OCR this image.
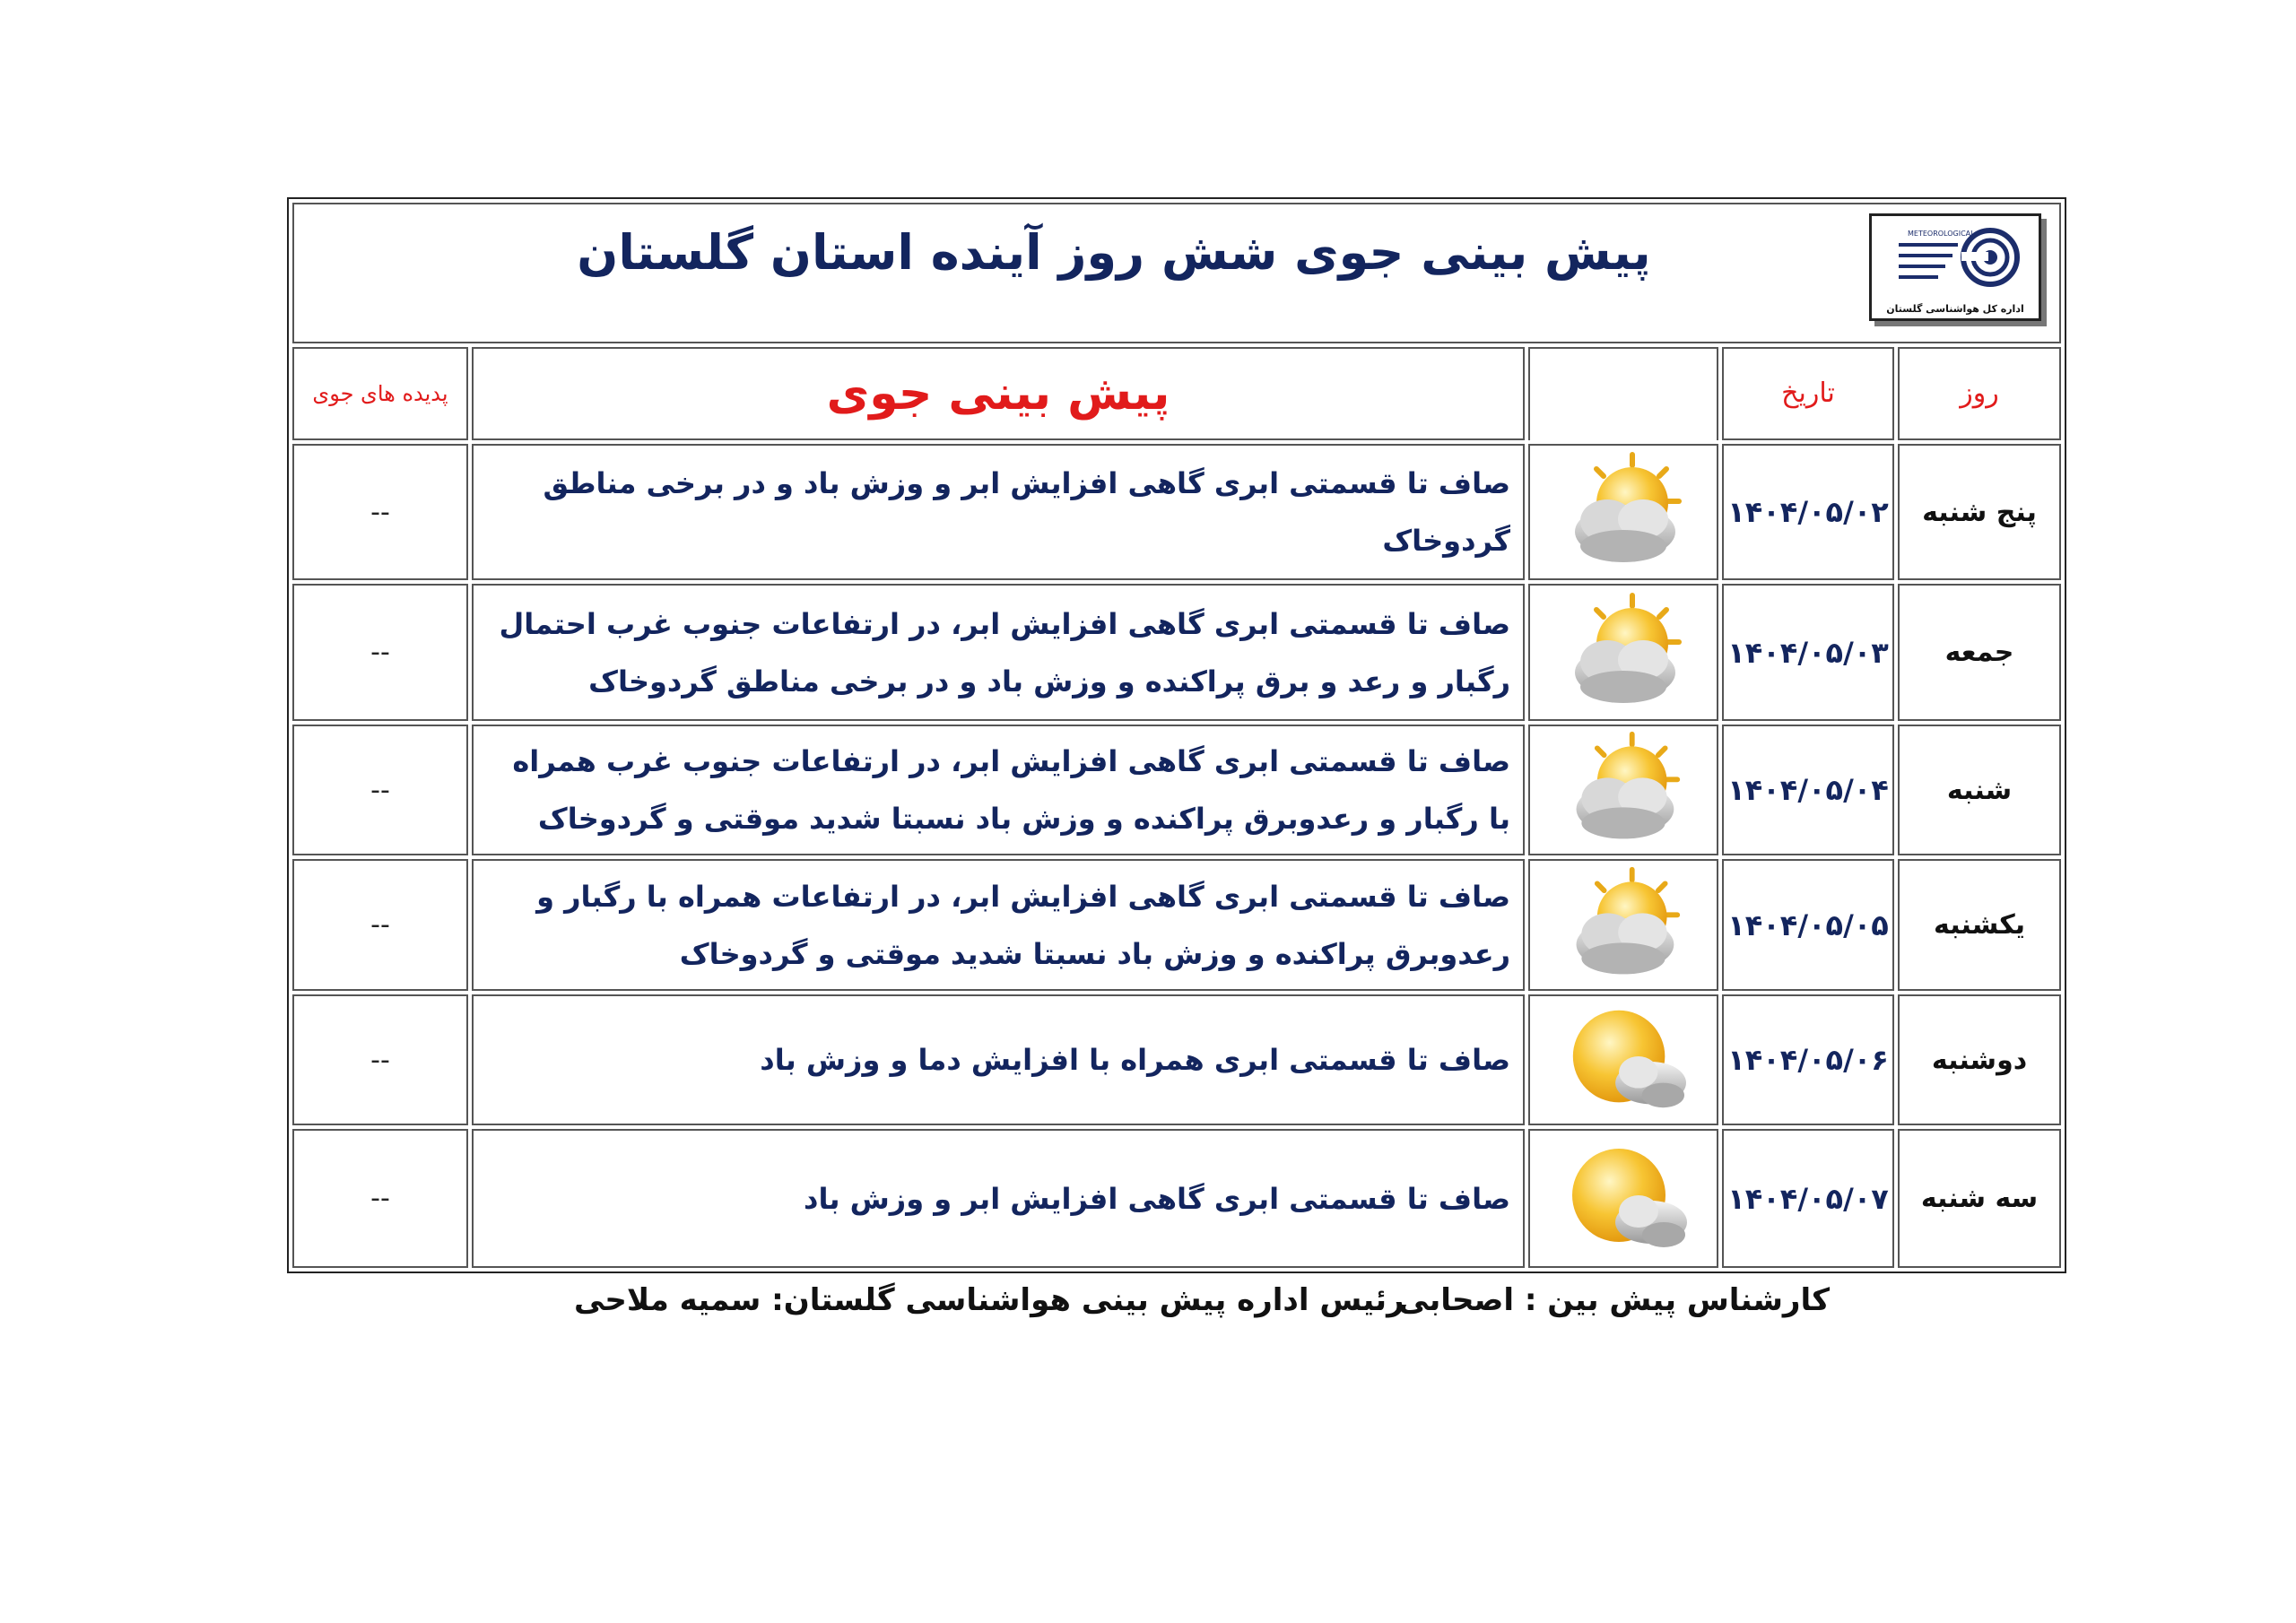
پیش بینی جوی شش روز آینده استان گلستان METEOROLOGICAL
اداره کل هواشناسی گلستان				

پدیده های جوی	پیش بینی جوی		تاریخ	روز

--	صاف تا قسمتی ابری گاهی افزایش ابر و وزش باد و در برخی مناطق گردوخاک		۱۴۰۴/۰۵/۰۲	پنج شنبه
--	صاف تا قسمتی ابری گاهی افزایش ابر، در ارتفاعات جنوب غرب احتمال رگبار و رعد و برق پراکنده و وزش باد و در برخی مناطق گردوخاک		۱۴۰۴/۰۵/۰۳	جمعه
--	صاف تا قسمتی ابری گاهی افزایش ابر، در ارتفاعات جنوب غرب همراه با رگبار و رعدوبرق پراکنده و وزش باد نسبتا شدید موقتی و گردوخاک		۱۴۰۴/۰۵/۰۴	شنبه
--	صاف تا قسمتی ابری گاهی افزایش ابر، در ارتفاعات همراه با رگبار و رعدوبرق پراکنده و وزش باد نسبتا شدید موقتی و گردوخاک		۱۴۰۴/۰۵/۰۵	یکشنبه
--	صاف تا قسمتی ابری همراه با افزایش دما و وزش باد		۱۴۰۴/۰۵/۰۶	دوشنبه
--	صاف تا قسمتی ابری گاهی افزایش ابر و وزش باد		۱۴۰۴/۰۵/۰۷	سه شنبه
کارشناس پیش بین : اصحابی
رئیس اداره پیش بینی هواشناسی گلستان: سمیه ملاحی
